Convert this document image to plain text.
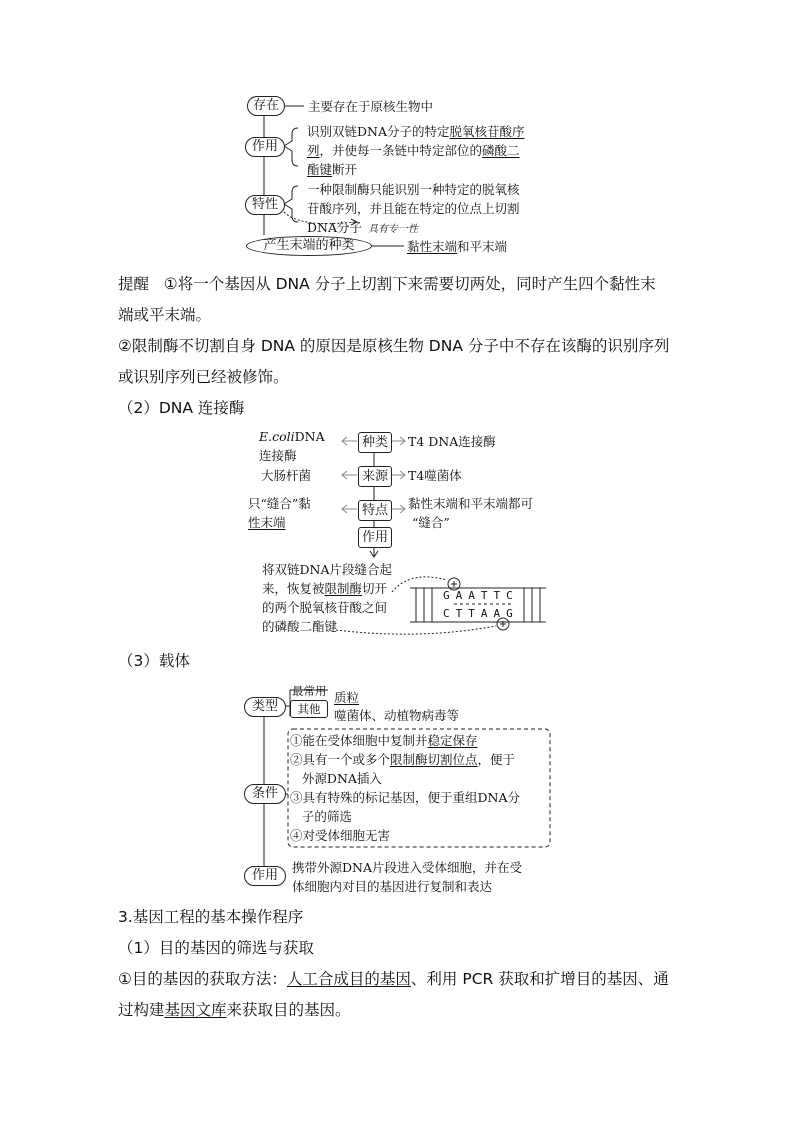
存在	主要存在于原核生物中
作用
识别双链DNA分子的特定脱氧核苷酸序
列，并使每一条链中特定部位的磷酸二
酯键断开
特性
一种限制酶只能识别一种特定的脱氧核
苷酸序列，并且能在特定的位点上切割
DNA分子 具有专一性
产生末端的种类	黏性末端和平末端
提醒 ①将一个基因从 DNA 分子上切割下来需要切两处，同时产生四个黏性末
端或平末端。
②限制酶不切割自身 DNA 的原因是原核生物 DNA 分子中不存在该酶的识别序列
或识别序列已经被修饰。
（2）DNA 连接酶
种类
来源
特点
作用
E.coliDNA
连接酶
T4 DNA连接酶
大肠杆菌	T4噬菌体
只“缝合”黏
性末端
黏性末端和平末端都可
“缝合”
将双链DNA片段缝合起
来，恢复被限制酶切开
的两个脱氧核苷酸之间
的磷酸二酯键
GAATTC
CTTAAG
（3）载体
类型
最常用
其他
质粒
噬菌体、动植物病毒等
条件
①能在受体细胞中复制并稳定保存
②具有一个或多个限制酶切割位点，便于
外源DNA插入
③具有特殊的标记基因，便于重组DNA分
子的筛选
④对受体细胞无害
作用
携带外源DNA片段进入受体细胞，并在受
体细胞内对目的基因进行复制和表达
3.基因工程的基本操作程序
（1）目的基因的筛选与获取
①目的基因的获取方法：人工合成目的基因、利用 PCR 获取和扩增目的基因、通
过构建基因文库来获取目的基因。
